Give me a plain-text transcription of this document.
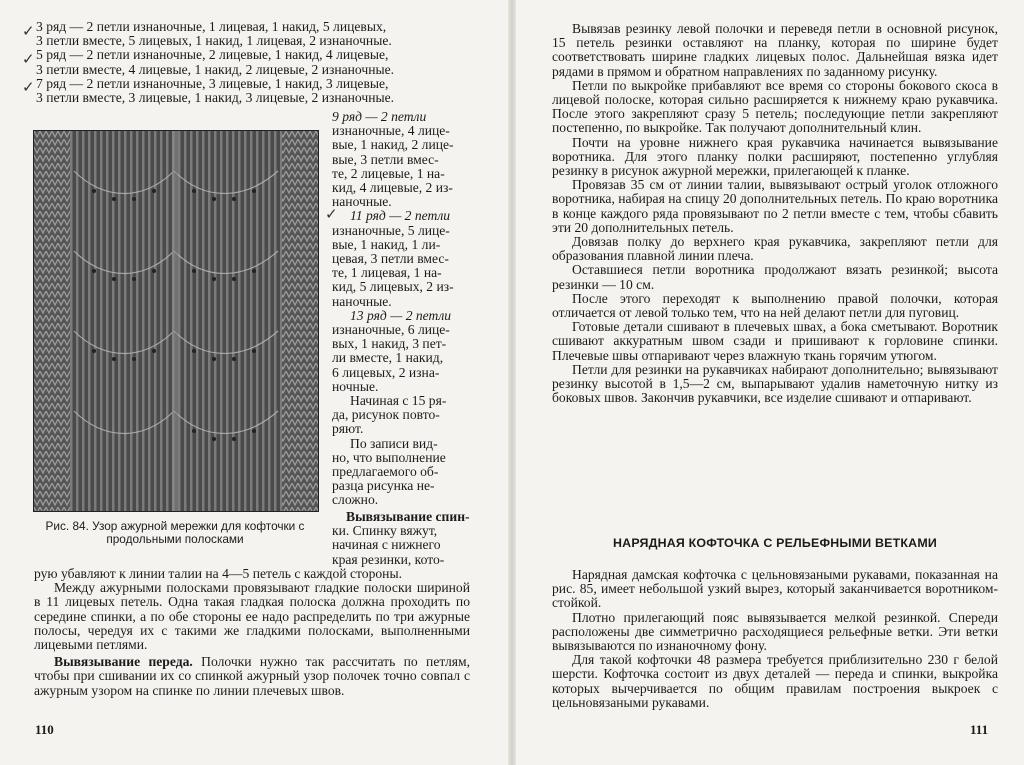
✓
✓
✓

3 ряд — 2 петли изнаночные, 1 лицевая, 1 накид, 5 лицевых,

3 петли вместе, 5 лицевых, 1 накид, 1 лицевая, 2 изнаночные.

5 ряд — 2 петли изнаночные, 2 лицевые, 1 накид, 4 лицевые,

3 петли вместе, 4 лицевые, 1 накид, 2 лицевые, 2 изнаночные.

7 ряд — 2 петли изнаночные, 3 лицевые, 1 накид, 3 лицевые,

3 петли вместе, 3 лицевые, 1 накид, 3 лицевые, 2 изнаночные.

✓

9 ряд — 2 петли

изнаночные, 4 лице-

вые, 1 накид, 2 лице-

вые, 3 петли вмес-

те, 2 лицевые, 1 на-

кид, 4 лицевые, 2 из-

наночные.

11 ряд — 2 петли

изнаночные, 5 лице-

вые, 1 накид, 1 ли-

цевая, 3 петли вмес-

те, 1 лицевая, 1 на-

кид, 5 лицевых, 2 из-

наночные.

13 ряд — 2 петли

изнаночные, 6 лице-

вых, 1 накид, 3 пет-

ли вместе, 1 накид,

6 лицевых, 2 изна-

ночные.

Начиная с 15 ря-

да, рисунок повто-

ряют.

По записи вид-

но, что выполнение

предлагаемого об-

разца рисунка не-

сложно.

Рис. 84. Узор ажурной мережки для кофточки с продольными полосками

Вывязывание спин-

ки. Спинку вяжут,

начиная с нижнего

края резинки, кото-

рую убавляют к линии талии на 4—5 петель с каждой стороны.

Между ажурными полосками провязывают гладкие полоски шириной в 11 лицевых петель. Одна такая гладкая полоска должна проходить по середине спинки, а по обе стороны ее надо распределить по три ажурные полосы, чередуя их с такими же гладкими полосками, выполненными лицевыми петлями.

Вывязывание переда. Полочки нужно так рассчитать по петлям, чтобы при сшивании их со спинкой ажурный узор полочек точно совпал с ажурным узором на спинке по линии плечевых швов.

110

Вывязав резинку левой полочки и переведя петли в основной рисунок, 15 петель резинки оставляют на планку, которая по ширине будет соответствовать ширине гладких лицевых полос. Дальнейшая вязка идет рядами в прямом и обратном направлениях по заданному рисунку.

Петли по выкройке прибавляют все время со стороны бокового скоса в лицевой полоске, которая сильно расширяется к нижнему краю рукавчика. После этого закрепляют сразу 5 петель; последующие петли закрепляют постепенно, по выкройке. Так получают дополнительный клин.

Почти на уровне нижнего края рукавчика начинается вывязывание воротника. Для этого планку полки расширяют, постепенно углубляя резинку в рисунок ажурной мережки, прилегающей к планке.

Провязав 35 см от линии талии, вывязывают острый уголок отложного воротника, набирая на спицу 20 дополнительных петель. По краю воротника в конце каждого ряда провязывают по 2 петли вместе с тем, чтобы сбавить эти 20 дополнительных петель.

Довязав полку до верхнего края рукавчика, закрепляют петли для образования плавной линии плеча.

Оставшиеся петли воротника продолжают вязать резинкой; высота резинки — 10 см.

После этого переходят к выполнению правой полочки, которая отличается от левой только тем, что на ней делают петли для пуговиц.

Готовые детали сшивают в плечевых швах, а бока сметывают. Воротник сшивают аккуратным швом сзади и пришивают к горловине спинки. Плечевые швы отпаривают через влажную ткань горячим утюгом.

Петли для резинки на рукавчиках набирают дополнительно; вывязывают резинку высотой в 1,5—2 см, выпарывают удалив наметочную нитку из боковых швов. Закончив рукавчики, все изделие сшивают и отпаривают.

НАРЯДНАЯ КОФТОЧКА С РЕЛЬЕФНЫМИ ВЕТКАМИ

Нарядная дамская кофточка с цельновязаными рукавами, показанная на рис. 85, имеет небольшой узкий вырез, который заканчивается воротником-стойкой.

Плотно прилегающий пояс вывязывается мелкой резинкой. Спереди расположены две симметрично расходящиеся рельефные ветки. Эти ветки вывязываются по изнаночному фону.

Для такой кофточки 48 размера требуется приблизительно 230 г белой шерсти. Кофточка состоит из двух деталей — переда и спинки, выкройка которых вычерчивается по общим правилам построения выкроек с цельновязаными рукавами.

111
